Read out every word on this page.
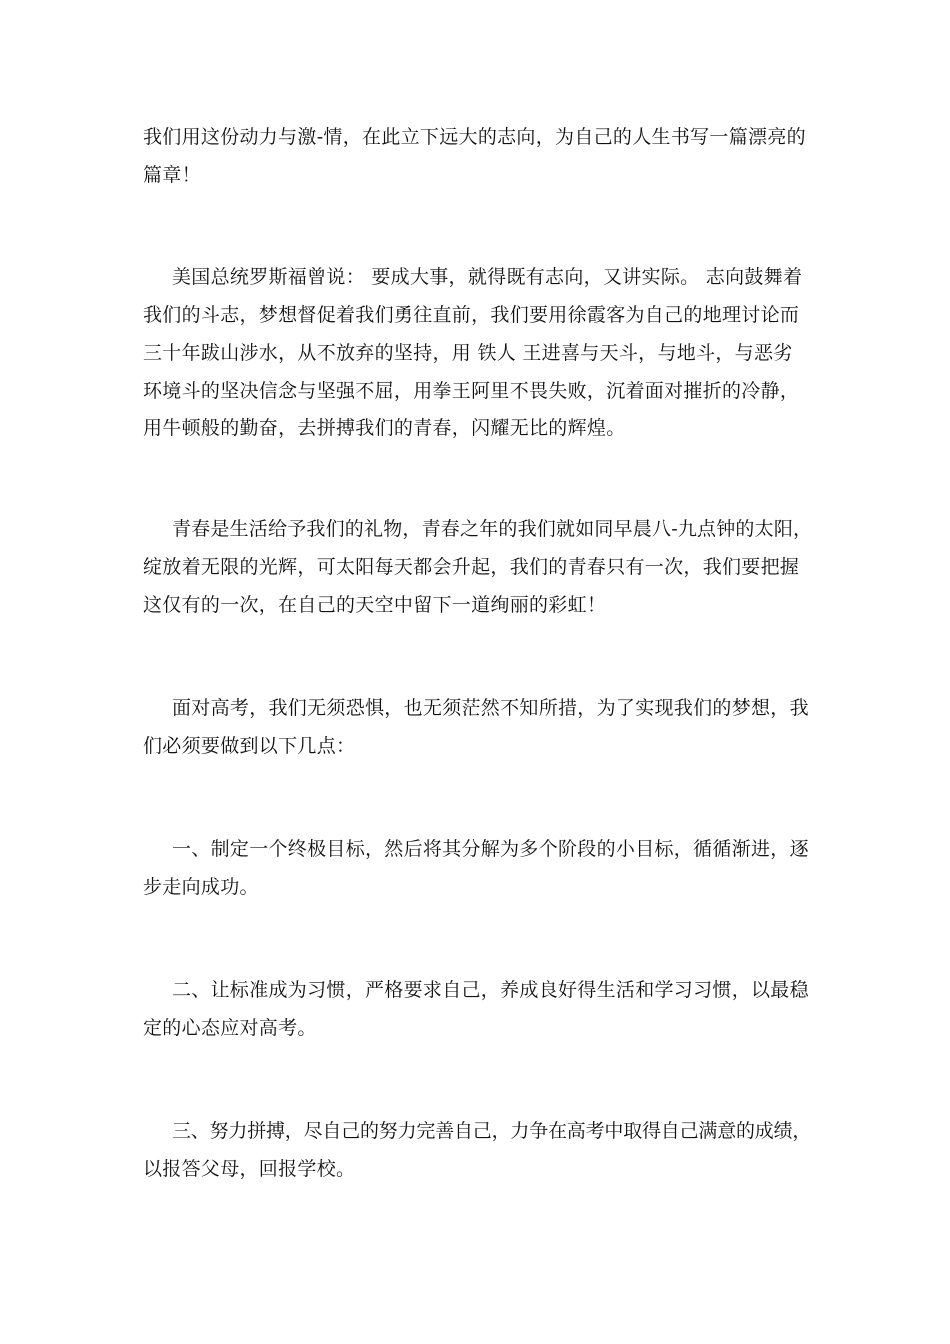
我们用这份动力与激-情，在此立下远大的志向，为自己的人生书写一篇漂亮的
篇章！
美国总统罗斯福曾说： 要成大事，就得既有志向，又讲实际。 志向鼓舞着
我们的斗志，梦想督促着我们勇往直前，我们要用徐霞客为自己的地理讨论而
三十年跋山涉水，从不放弃的坚持，用 铁人 王进喜与天斗，与地斗，与恶劣
环境斗的坚决信念与坚强不屈，用拳王阿里不畏失败，沉着面对摧折的冷静，
用牛顿般的勤奋，去拼搏我们的青春，闪耀无比的辉煌。
青春是生活给予我们的礼物，青春之年的我们就如同早晨八-九点钟的太阳，
绽放着无限的光辉，可太阳每天都会升起，我们的青春只有一次，我们要把握
这仅有的一次，在自己的天空中留下一道绚丽的彩虹！
面对高考，我们无须恐惧，也无须茫然不知所措，为了实现我们的梦想，我
们必须要做到以下几点：
一、制定一个终极目标，然后将其分解为多个阶段的小目标，循循渐进，逐
步走向成功。
二、让标准成为习惯，严格要求自己，养成良好得生活和学习习惯，以最稳
定的心态应对高考。
三、努力拼搏，尽自己的努力完善自己，力争在高考中取得自己满意的成绩，
以报答父母，回报学校。
